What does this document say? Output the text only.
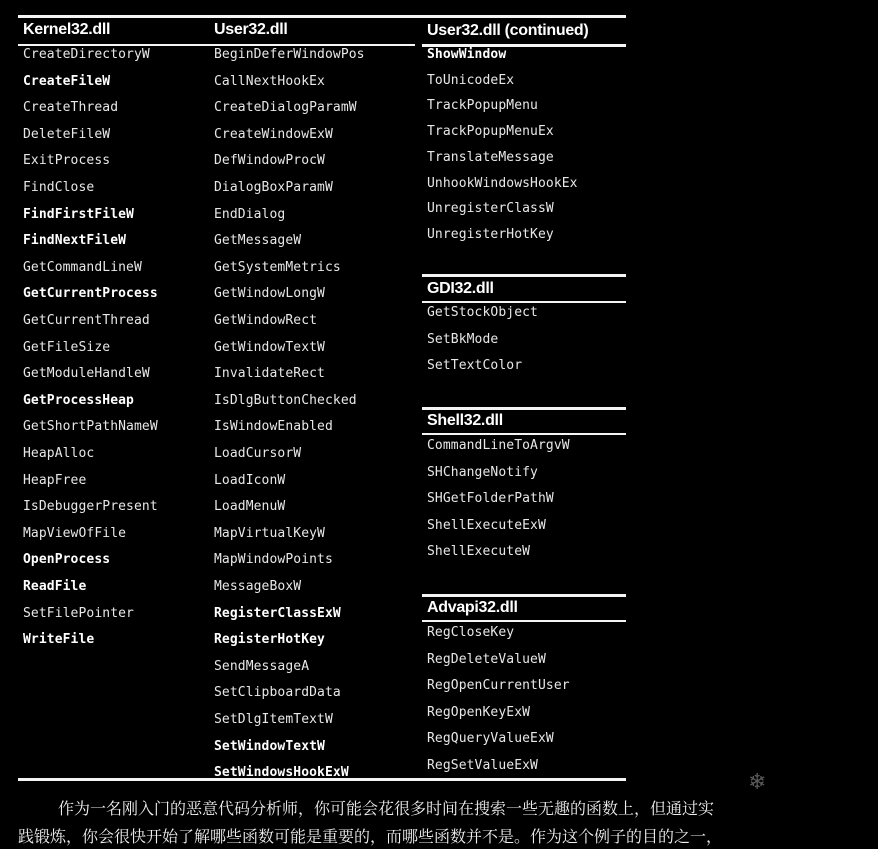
Kernel32.dll	User32.dll	User32.dll (continued)
GDI32.dll
Shell32.dll
Advapi32.dll
CreateDirectoryW
CreateFileW
CreateThread
DeleteFileW
ExitProcess
FindClose
FindFirstFileW
FindNextFileW
GetCommandLineW
GetCurrentProcess
GetCurrentThread
GetFileSize
GetModuleHandleW
GetProcessHeap
GetShortPathNameW
HeapAlloc
HeapFree
IsDebuggerPresent
MapViewOfFile
OpenProcess
ReadFile
SetFilePointer
WriteFile
BeginDeferWindowPos
CallNextHookEx
CreateDialogParamW
CreateWindowExW
DefWindowProcW
DialogBoxParamW
EndDialog
GetMessageW
GetSystemMetrics
GetWindowLongW
GetWindowRect
GetWindowTextW
InvalidateRect
IsDlgButtonChecked
IsWindowEnabled
LoadCursorW
LoadIconW
LoadMenuW
MapVirtualKeyW
MapWindowPoints
MessageBoxW
RegisterClassExW
RegisterHotKey
SendMessageA
SetClipboardData
SetDlgItemTextW
SetWindowTextW
SetWindowsHookExW
ShowWindow
ToUnicodeEx
TrackPopupMenu
TrackPopupMenuEx
TranslateMessage
UnhookWindowsHookEx
UnregisterClassW
UnregisterHotKey
GetStockObject
SetBkMode
SetTextColor
CommandLineToArgvW
SHChangeNotify
SHGetFolderPathW
ShellExecuteExW
ShellExecuteW
RegCloseKey
RegDeleteValueW
RegOpenCurrentUser
RegOpenKeyExW
RegQueryValueExW
RegSetValueExW
作为一名刚入门的恶意代码分析师，你可能会花很多时间在搜索一些无趣的函数上，但通过实
践锻炼，你会很快开始了解哪些函数可能是重要的，而哪些函数并不是。作为这个例子的目的之一，
❄
